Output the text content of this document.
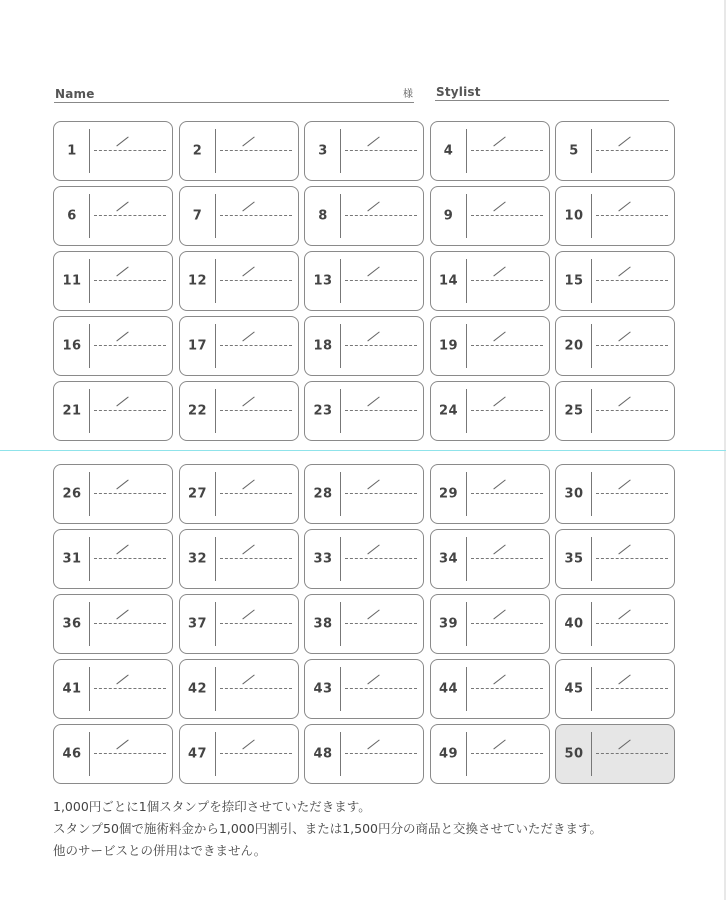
Name	様 Stylist
1	2	3	4	5
6	7	8	9	10
11	12	13	14	15
16	17	18	19	20
21	22	23	24	25
26	27	28	29	30
31	32	33	34	35
36	37	38	39	40
41	42	43	44	45
46	47	48	49	50
1,000円ごとに1個スタンプを捺印させていただきます。
スタンプ50個で施術料金から1,000円割引、または1,500円分の商品と交換させていただきます。
他のサービスとの併用はできません。
